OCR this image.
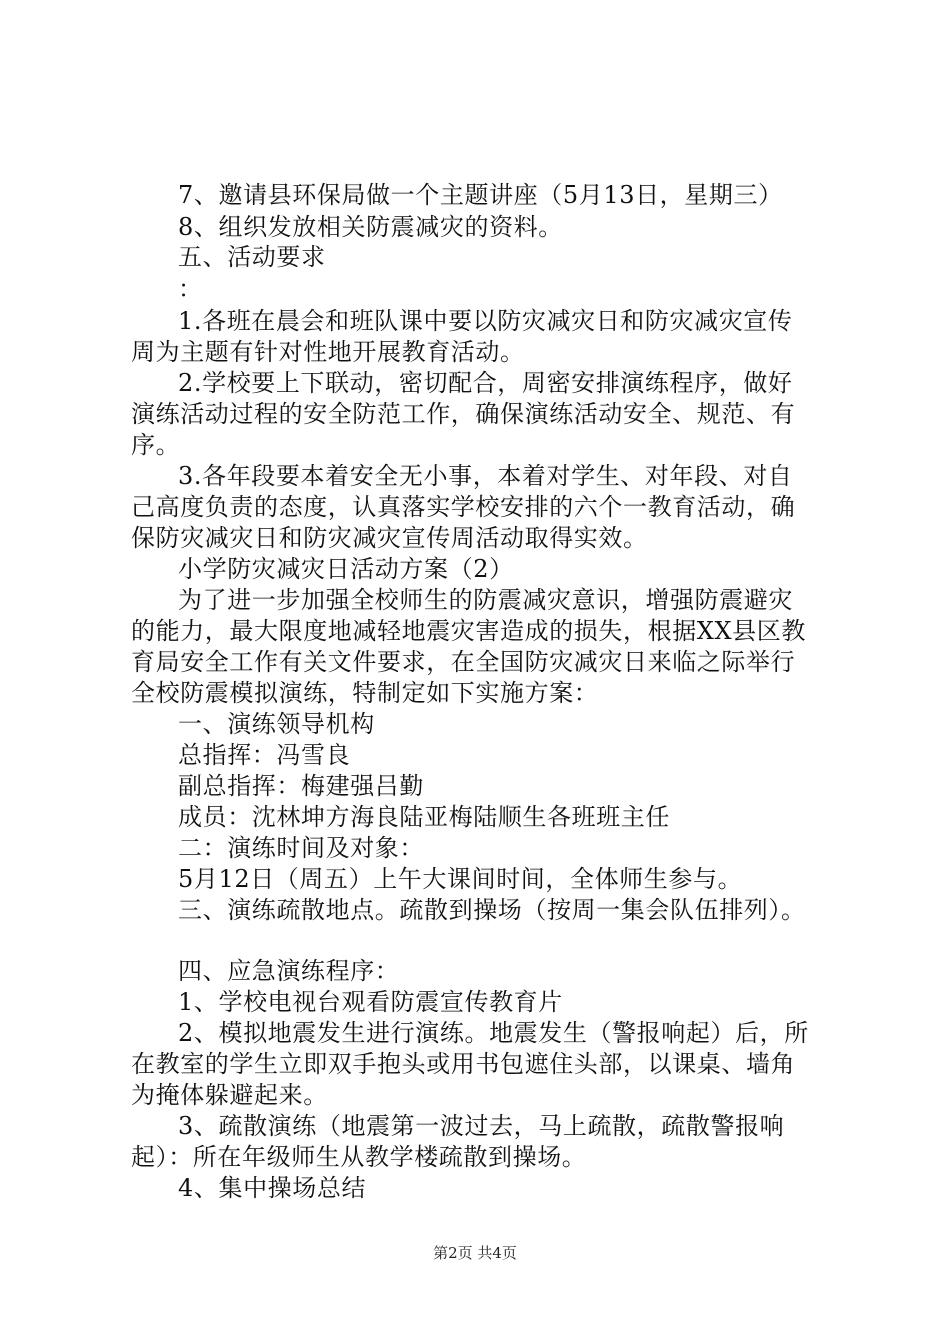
7、邀请县环保局做一个主题讲座（5月13日，星期三）
8、组织发放相关防震减灾的资料。
五、活动要求
：
1.各班在晨会和班队课中要以防灾减灾日和防灾减灾宣传
周为主题有针对性地开展教育活动。
2.学校要上下联动，密切配合，周密安排演练程序，做好
演练活动过程的安全防范工作，确保演练活动安全、规范、有
序。
3.各年段要本着安全无小事，本着对学生、对年段、对自
己高度负责的态度，认真落实学校安排的六个一教育活动，确
保防灾减灾日和防灾减灾宣传周活动取得实效。
小学防灾减灾日活动方案（2）
为了进一步加强全校师生的防震减灾意识，增强防震避灾
的能力，最大限度地减轻地震灾害造成的损失，根据XX县区教
育局安全工作有关文件要求，在全国防灾减灾日来临之际举行
全校防震模拟演练，特制定如下实施方案：
一、演练领导机构
总指挥：冯雪良
副总指挥：梅建强吕勤
成员：沈林坤方海良陆亚梅陆顺生各班班主任
二：演练时间及对象：
5月12日（周五）上午大课间时间，全体师生参与。
三、演练疏散地点。疏散到操场（按周一集会队伍排列）。
四、应急演练程序：
1、学校电视台观看防震宣传教育片
2、模拟地震发生进行演练。地震发生（警报响起）后，所
在教室的学生立即双手抱头或用书包遮住头部，以课桌、墙角
为掩体躲避起来。
3、疏散演练（地震第一波过去，马上疏散，疏散警报响
起）：所在年级师生从教学楼疏散到操场。
4、集中操场总结
第2页 共4页
